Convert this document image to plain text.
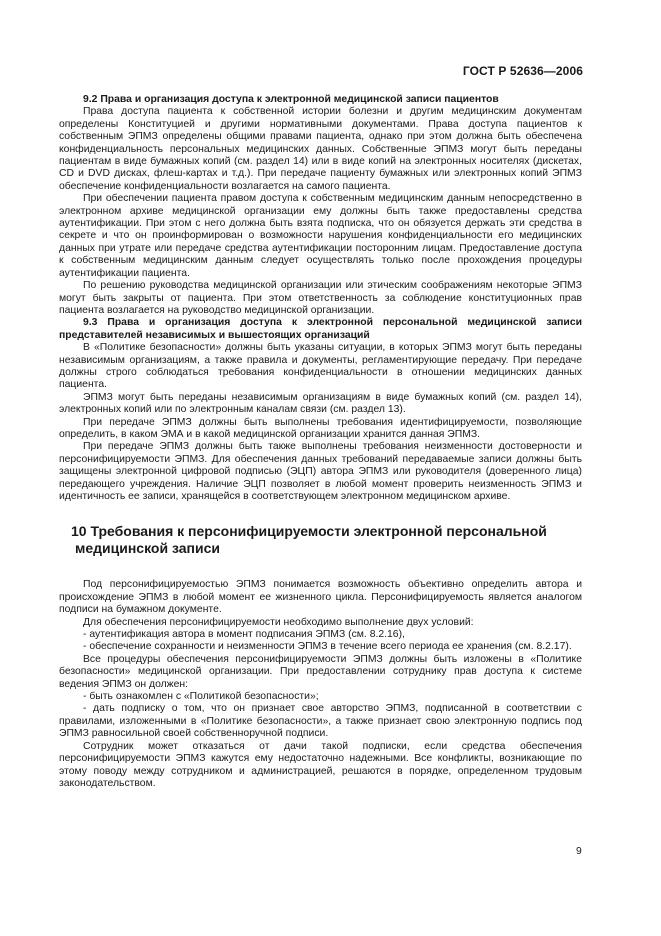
ГОСТ Р 52636—2006

9.2 Права и организация доступа к электронной медицинской записи пациентов

Права доступа пациента к собственной истории болезни и другим медицинским документам определены Конституцией и другими нормативными документами. Права доступа пациентов к собственным ЭПМЗ определены общими правами пациента, однако при этом должна быть обеспечена конфиденциальность персональных медицинских данных. Собственные ЭПМЗ могут быть переданы пациентам в виде бумажных копий (см. раздел 14) или в виде копий на электронных носителях (дискетах, CD и DVD дисках, флеш-картах и т.д.). При передаче пациенту бумажных или электронных копий ЭПМЗ обеспечение конфиденциальности возлагается на самого пациента.

При обеспечении пациента правом доступа к собственным медицинским данным непосредственно в электронном архиве медицинской организации ему должны быть также предоставлены средства аутентификации. При этом с него должна быть взята подписка, что он обязуется держать эти средства в секрете и что он проинформирован о возможности нарушения конфиденциальности его медицинских данных при утрате или передаче средства аутентификации посторонним лицам. Предоставление доступа к собственным медицинским данным следует осуществлять только после прохождения процедуры аутентификации пациента.

По решению руководства медицинской организации или этическим соображениям некоторые ЭПМЗ могут быть закрыты от пациента. При этом ответственность за соблюдение конституционных прав пациента возлагается на руководство медицинской организации.

9.3 Права и организация доступа к электронной персональной медицинской записи представителей независимых и вышестоящих организаций

В «Политике безопасности» должны быть указаны ситуации, в которых ЭПМЗ могут быть переданы независимым организациям, а также правила и документы, регламентирующие передачу. При передаче должны строго соблюдаться требования конфиденциальности в отношении медицинских данных пациента.

ЭПМЗ могут быть переданы независимым организациям в виде бумажных копий (см. раздел 14), электронных копий или по электронным каналам связи (см. раздел 13).

При передаче ЭПМЗ должны быть выполнены требования идентифицируемости, позволяющие определить, в каком ЭМА и в какой медицинской организации хранится данная ЭПМЗ.

При передаче ЭПМЗ должны быть также выполнены требования неизменности достоверности и персонифицируемости ЭПМЗ. Для обеспечения данных требований передаваемые записи должны быть защищены электронной цифровой подписью (ЭЦП) автора ЭПМЗ или руководителя (доверенного лица) передающего учреждения. Наличие ЭЦП позволяет в любой момент проверить неизменность ЭПМЗ и идентичность ее записи, хранящейся в соответствующем электронном медицинском архиве.

10 Требования к персонифицируемости электронной персональной
медицинской записи

Под персонифицируемостью ЭПМЗ понимается возможность объективно определить автора и происхождение ЭПМЗ в любой момент ее жизненного цикла. Персонифицируемость является аналогом подписи на бумажном документе.

Для обеспечения персонифицируемости необходимо выполнение двух условий:

- аутентификация автора в момент подписания ЭПМЗ (см. 8.2.16),

- обеспечение сохранности и неизменности ЭПМЗ в течение всего периода ее хранения (см. 8.2.17).

Все процедуры обеспечения персонифицируемости ЭПМЗ должны быть изложены в «Политике безопасности» медицинской организации. При предоставлении сотруднику прав доступа к системе ведения ЭПМЗ он должен:

- быть ознакомлен с «Политикой безопасности»;

- дать подписку о том, что он признает свое авторство ЭПМЗ, подписанной в соответствии с правилами, изложенными в «Политике безопасности», а также признает свою электронную подпись под ЭПМЗ равносильной своей собственноручной подписи.

Сотрудник может отказаться от дачи такой подписки, если средства обеспечения персонифицируемости ЭПМЗ кажутся ему недостаточно надежными. Все конфликты, возникающие по этому поводу между сотрудником и администрацией, решаются в порядке, определенном трудовым законодательством.

9
